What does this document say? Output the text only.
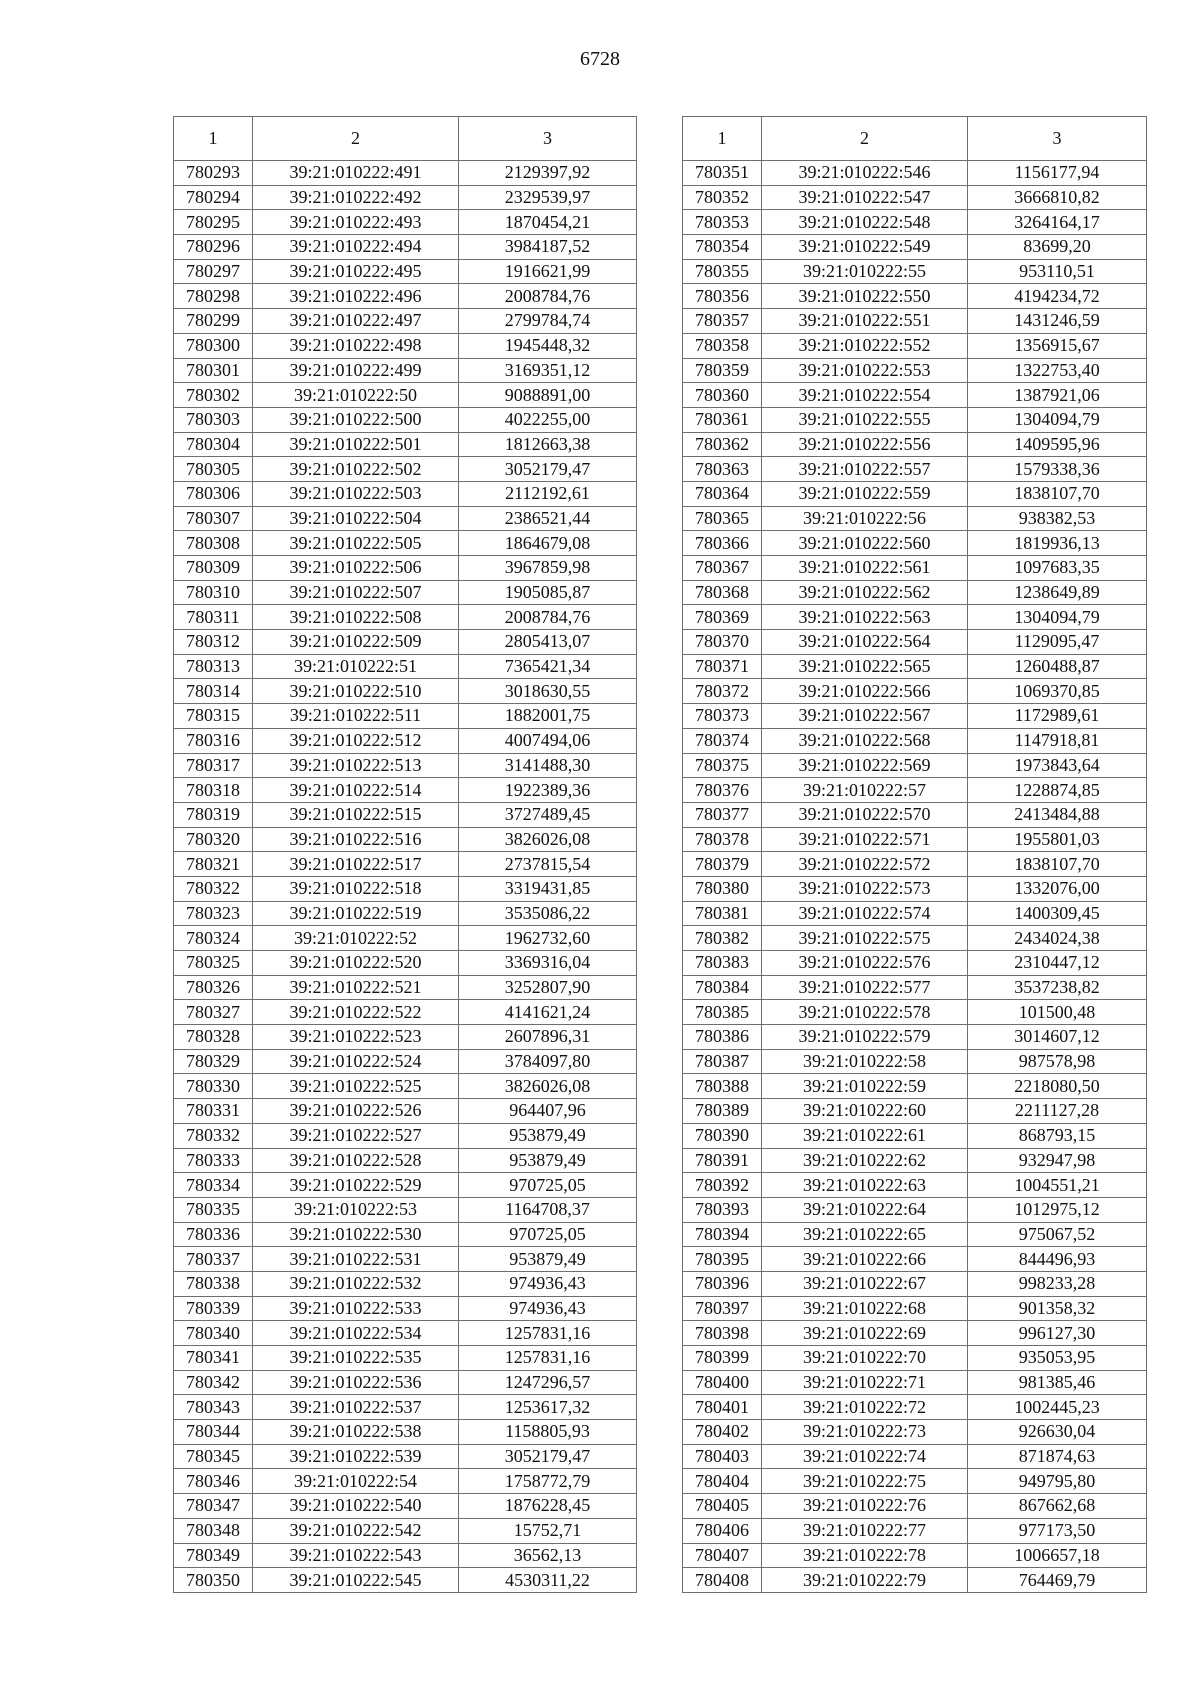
6728
1	2	3
780293	39:21:010222:491	2129397,92
780294	39:21:010222:492	2329539,97
780295	39:21:010222:493	1870454,21
780296	39:21:010222:494	3984187,52
780297	39:21:010222:495	1916621,99
780298	39:21:010222:496	2008784,76
780299	39:21:010222:497	2799784,74
780300	39:21:010222:498	1945448,32
780301	39:21:010222:499	3169351,12
780302	39:21:010222:50	9088891,00
780303	39:21:010222:500	4022255,00
780304	39:21:010222:501	1812663,38
780305	39:21:010222:502	3052179,47
780306	39:21:010222:503	2112192,61
780307	39:21:010222:504	2386521,44
780308	39:21:010222:505	1864679,08
780309	39:21:010222:506	3967859,98
780310	39:21:010222:507	1905085,87
780311	39:21:010222:508	2008784,76
780312	39:21:010222:509	2805413,07
780313	39:21:010222:51	7365421,34
780314	39:21:010222:510	3018630,55
780315	39:21:010222:511	1882001,75
780316	39:21:010222:512	4007494,06
780317	39:21:010222:513	3141488,30
780318	39:21:010222:514	1922389,36
780319	39:21:010222:515	3727489,45
780320	39:21:010222:516	3826026,08
780321	39:21:010222:517	2737815,54
780322	39:21:010222:518	3319431,85
780323	39:21:010222:519	3535086,22
780324	39:21:010222:52	1962732,60
780325	39:21:010222:520	3369316,04
780326	39:21:010222:521	3252807,90
780327	39:21:010222:522	4141621,24
780328	39:21:010222:523	2607896,31
780329	39:21:010222:524	3784097,80
780330	39:21:010222:525	3826026,08
780331	39:21:010222:526	964407,96
780332	39:21:010222:527	953879,49
780333	39:21:010222:528	953879,49
780334	39:21:010222:529	970725,05
780335	39:21:010222:53	1164708,37
780336	39:21:010222:530	970725,05
780337	39:21:010222:531	953879,49
780338	39:21:010222:532	974936,43
780339	39:21:010222:533	974936,43
780340	39:21:010222:534	1257831,16
780341	39:21:010222:535	1257831,16
780342	39:21:010222:536	1247296,57
780343	39:21:010222:537	1253617,32
780344	39:21:010222:538	1158805,93
780345	39:21:010222:539	3052179,47
780346	39:21:010222:54	1758772,79
780347	39:21:010222:540	1876228,45
780348	39:21:010222:542	15752,71
780349	39:21:010222:543	36562,13
780350	39:21:010222:545	4530311,22
1	2	3
780351	39:21:010222:546	1156177,94
780352	39:21:010222:547	3666810,82
780353	39:21:010222:548	3264164,17
780354	39:21:010222:549	83699,20
780355	39:21:010222:55	953110,51
780356	39:21:010222:550	4194234,72
780357	39:21:010222:551	1431246,59
780358	39:21:010222:552	1356915,67
780359	39:21:010222:553	1322753,40
780360	39:21:010222:554	1387921,06
780361	39:21:010222:555	1304094,79
780362	39:21:010222:556	1409595,96
780363	39:21:010222:557	1579338,36
780364	39:21:010222:559	1838107,70
780365	39:21:010222:56	938382,53
780366	39:21:010222:560	1819936,13
780367	39:21:010222:561	1097683,35
780368	39:21:010222:562	1238649,89
780369	39:21:010222:563	1304094,79
780370	39:21:010222:564	1129095,47
780371	39:21:010222:565	1260488,87
780372	39:21:010222:566	1069370,85
780373	39:21:010222:567	1172989,61
780374	39:21:010222:568	1147918,81
780375	39:21:010222:569	1973843,64
780376	39:21:010222:57	1228874,85
780377	39:21:010222:570	2413484,88
780378	39:21:010222:571	1955801,03
780379	39:21:010222:572	1838107,70
780380	39:21:010222:573	1332076,00
780381	39:21:010222:574	1400309,45
780382	39:21:010222:575	2434024,38
780383	39:21:010222:576	2310447,12
780384	39:21:010222:577	3537238,82
780385	39:21:010222:578	101500,48
780386	39:21:010222:579	3014607,12
780387	39:21:010222:58	987578,98
780388	39:21:010222:59	2218080,50
780389	39:21:010222:60	2211127,28
780390	39:21:010222:61	868793,15
780391	39:21:010222:62	932947,98
780392	39:21:010222:63	1004551,21
780393	39:21:010222:64	1012975,12
780394	39:21:010222:65	975067,52
780395	39:21:010222:66	844496,93
780396	39:21:010222:67	998233,28
780397	39:21:010222:68	901358,32
780398	39:21:010222:69	996127,30
780399	39:21:010222:70	935053,95
780400	39:21:010222:71	981385,46
780401	39:21:010222:72	1002445,23
780402	39:21:010222:73	926630,04
780403	39:21:010222:74	871874,63
780404	39:21:010222:75	949795,80
780405	39:21:010222:76	867662,68
780406	39:21:010222:77	977173,50
780407	39:21:010222:78	1006657,18
780408	39:21:010222:79	764469,79
